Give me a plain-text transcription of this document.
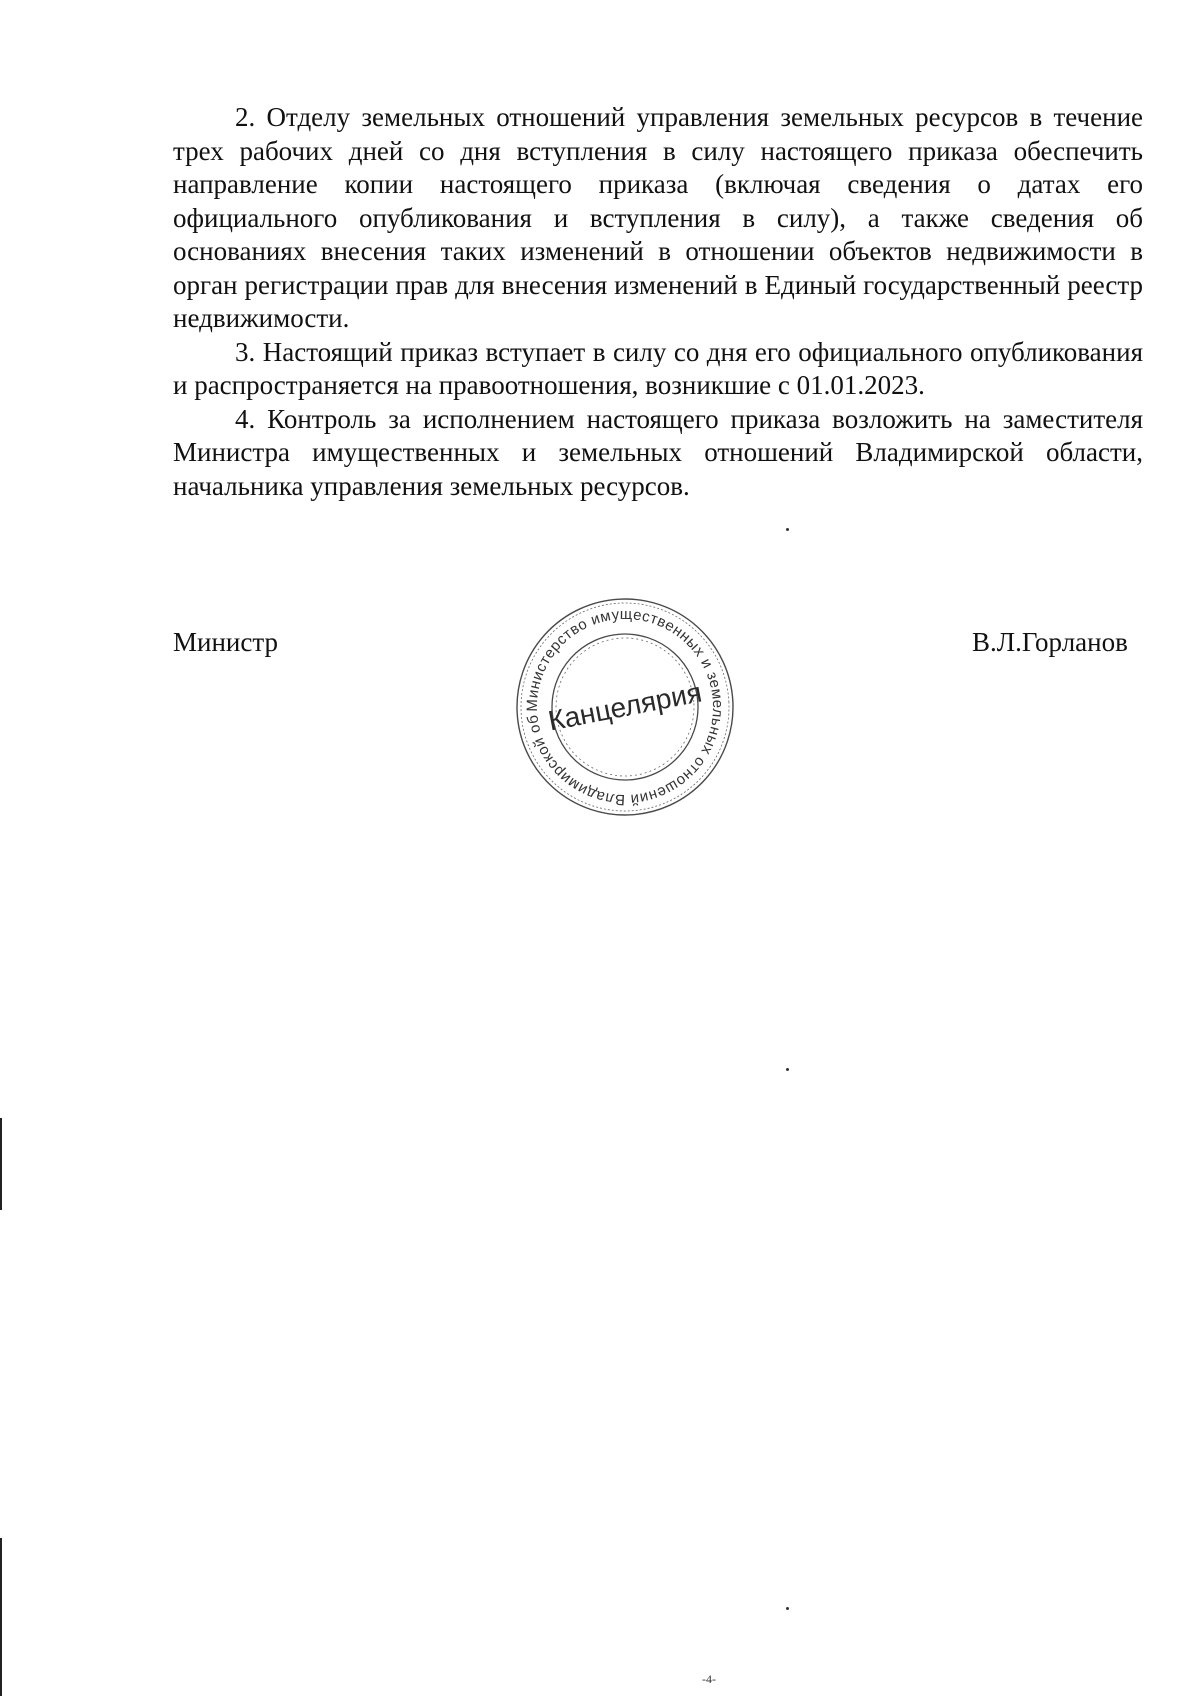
2. Отделу земельных отношений управления земельных ресурсов в течение трех рабочих дней со дня вступления в силу настоящего приказа обеспечить направление копии настоящего приказа (включая сведения о датах его официального опубликования и вступления в силу), а также сведения об основаниях внесения таких изменений в отношении объектов недвижимости в орган регистрации прав для внесения изменений в Единый государственный реестр недвижимости.

3. Настоящий приказ вступает в силу со дня его официального опубликования и распространяется на правоотношения, возникшие с 01.01.2023.

4. Контроль за исполнением настоящего приказа возложить на заместителя Министра имущественных и земельных отношений Владимирской области, начальника управления земельных ресурсов.

Министр
Министерство имущественных и земельных отношений Владимирской области
Канцелярия
В.Л.Горланов
-4-
